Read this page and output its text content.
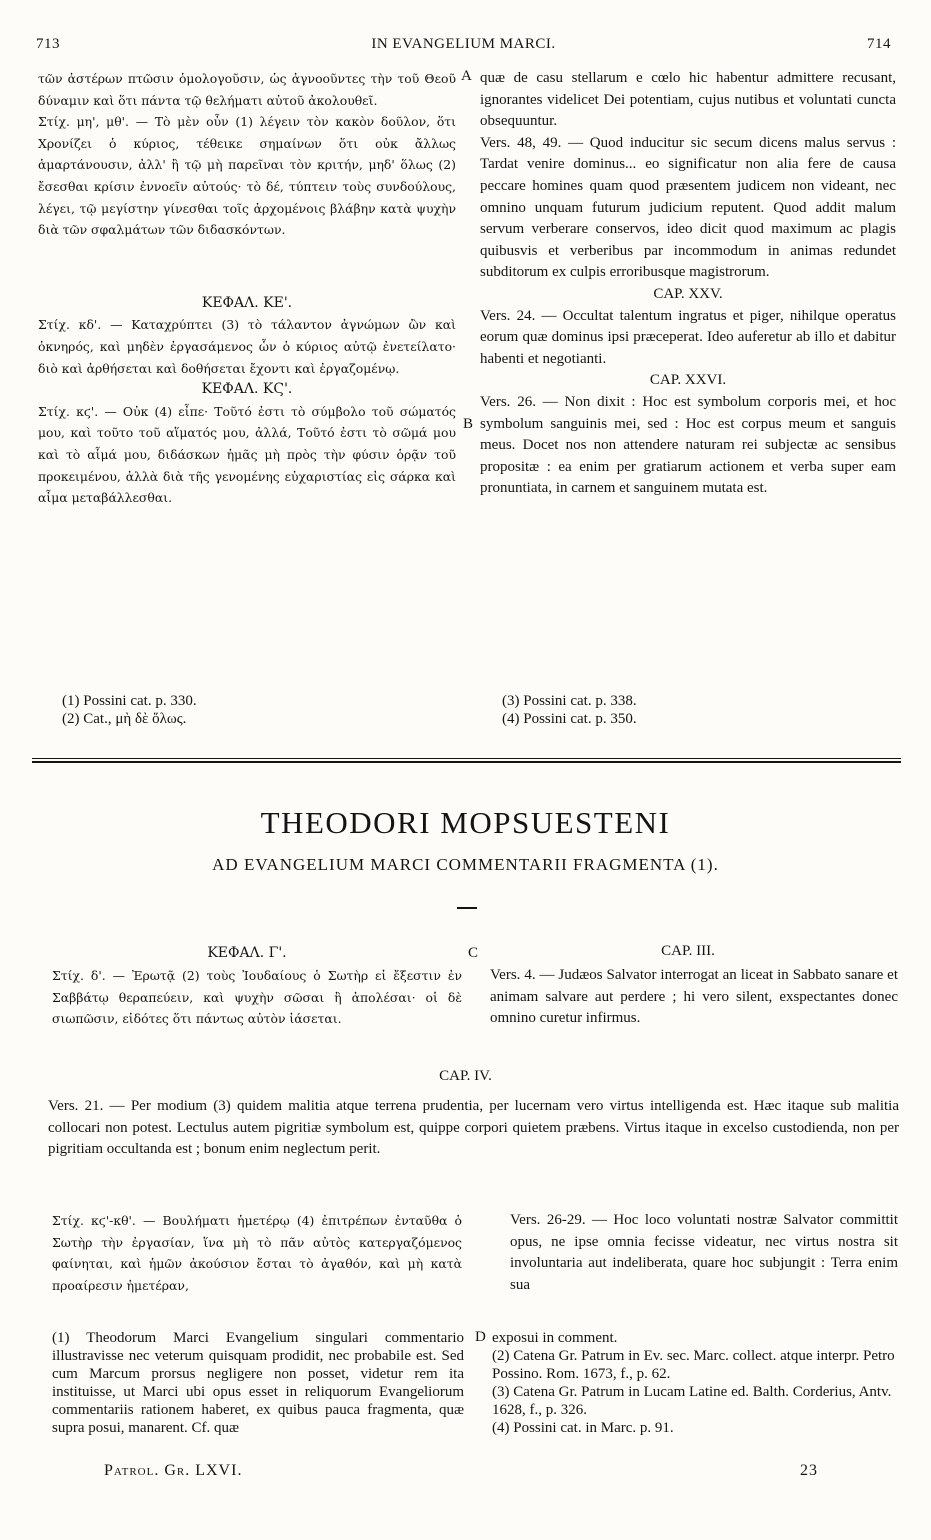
713	IN EVANGELIUM MARCI.	714

τῶν ἀστέρων πτῶσιν ὁμολογοῦσιν, ὡς ἀγνοοῦντες τὴν τοῦ Θεοῦ δύναμιν καὶ ὅτι πάντα τῷ θελήματι αὐτοῦ ἀκολουθεῖ.

Στίχ. μη', μθ'. — Τὸ μὲν οὖν (1) λέγειν τὸν κακὸν δοῦλον, ὅτι Χρονίζει ὁ κύριος, τέθεικε σημαίνων ὅτι οὐκ ἄλλως ἁμαρτάνουσιν, ἀλλ' ἢ τῷ μὴ παρεῖναι τὸν κριτήν, μηδ' ὅλως (2) ἔσεσθαι κρίσιν ἐννοεῖν αὐτούς· τὸ δέ, τύπτειν τοὺς συνδούλους, λέγει, τῷ μεγίστην γίνεσθαι τοῖς ἀρχομένοις βλάβην κατὰ ψυχὴν διὰ τῶν σφαλμάτων τῶν διδασκόντων.

ΚΕΦΑΛ. ΚΕ'.

Στίχ. κδ'. — Καταχρύπτει (3) τὸ τάλαντον ἀγνώμων ὢν καὶ ὀκνηρός, καὶ μηδὲν ἐργασάμενος ὧν ὁ κύριος αὐτῷ ἐνετείλατο· διὸ καὶ ἀρθήσεται καὶ δοθήσεται ἔχοντι καὶ ἐργαζομένῳ.

ΚΕΦΑΛ. ΚϚ'.

Στίχ. κϛ'. — Οὐκ (4) εἶπε· Τοῦτό ἐστι τὸ σύμβολο τοῦ σώματός μου, καὶ τοῦτο τοῦ αἵματός μου, ἀλλά, Τοῦτό ἐστι τὸ σῶμά μου καὶ τὸ αἷμά μου, διδάσκων ἡμᾶς μὴ πρὸς τὴν φύσιν ὁρᾷν τοῦ προκειμένου, ἀλλὰ διὰ τῆς γενομένης εὐχαριστίας εἰς σάρκα καὶ αἷμα μεταβάλλεσθαι.

A
B

quæ de casu stellarum e cœlo hic habentur admittere recusant, ignorantes videlicet Dei potentiam, cujus nutibus et voluntati cuncta obsequuntur.

Vers. 48, 49. — Quod inducitur sic secum dicens malus servus : Tardat venire dominus... eo significatur non alia fere de causa peccare homines quam quod præsentem judicem non videant, nec omnino unquam futurum judicium reputent. Quod addit malum servum verberare conservos, ideo dicit quod maximum ac plagis quibusvis et verberibus par incommodum in animas redundet subditorum ex culpis erroribusque magistrorum.

CAP. XXV.

Vers. 24. — Occultat talentum ingratus et piger, nihilque operatus eorum quæ dominus ipsi præceperat. Ideo auferetur ab illo et dabitur habenti et negotianti.

CAP. XXVI.

Vers. 26. — Non dixit : Hoc est symbolum corporis mei, et hoc symbolum sanguinis mei, sed : Hoc est corpus meum et sanguis meus. Docet nos non attendere naturam rei subjectæ ac sensibus propositæ : ea enim per gratiarum actionem et verba super eam pronuntiata, in carnem et sanguinem mutata est.

(1) Possini cat. p. 330.
(2) Cat., μὴ δὲ ὅλως.
(3) Possini cat. p. 338.
(4) Possini cat. p. 350.
THEODORI MOPSUESTENI
AD EVANGELIUM MARCI COMMENTARII FRAGMENTA (1).
ΚΕΦΑΛ. Γ'.	C	CAP. III.
Στίχ. δ'. — Ἐρωτᾷ (2) τοὺς Ἰουδαίους ὁ Σωτὴρ εἰ ἔξεστιν ἐν Σαββάτῳ θεραπεύειν, καὶ ψυχὴν σῶσαι ἢ ἀπολέσαι· οἱ δὲ σιωπῶσιν, εἰδότες ὅτι πάντως αὐτὸν ἰάσεται.
Vers. 4. — Judæos Salvator interrogat an liceat in Sabbato sanare et animam salvare aut perdere ; hi vero silent, exspectantes donec omnino curetur infirmus.
CAP. IV.
Vers. 21. — Per modium (3) quidem malitia atque terrena prudentia, per lucernam vero virtus intelligenda est. Hæc itaque sub malitia collocari non potest. Lectulus autem pigritiæ symbolum est, quippe corpori quietem præbens. Virtus itaque in excelso custodienda, non per pigritiam occultanda est ; bonum enim neglectum perit.
Στίχ. κϛ'-κθ'. — Βουλήματι ἡμετέρῳ (4) ἐπιτρέπων ἐνταῦθα ὁ Σωτὴρ τὴν ἐργασίαν, ἵνα μὴ τὸ πᾶν αὐτὸς κατεργαζόμενος φαίνηται, καὶ ἡμῶν ἀκούσιον ἔσται τὸ ἀγαθόν, καὶ μὴ κατὰ προαίρεσιν ἡμετέραν,
Vers. 26-29. — Hoc loco voluntati nostræ Salvator committit opus, ne ipse omnia fecisse videatur, nec virtus nostra sit involuntaria aut indeliberata, quare hoc subjungit : Terra enim sua
(1) Theodorum Marci Evangelium singulari commentario illustravisse nec veterum quisquam prodidit, nec probabile est. Sed cum Marcum prorsus negligere non posset, videtur rem ita instituisse, ut Marci ubi opus esset in reliquorum Evangeliorum commentariis rationem haberet, ex quibus pauca fragmenta, quæ supra posui, manarent. Cf. quæ
D exposui in comment.
(2) Catena Gr. Patrum in Ev. sec. Marc. collect. atque interpr. Petro Possino. Rom. 1673, f., p. 62.
(3) Catena Gr. Patrum in Lucam Latine ed. Balth. Corderius, Antv. 1628, f., p. 326.
(4) Possini cat. in Marc. p. 91.
Patrol. Gr. LXVI.	23
